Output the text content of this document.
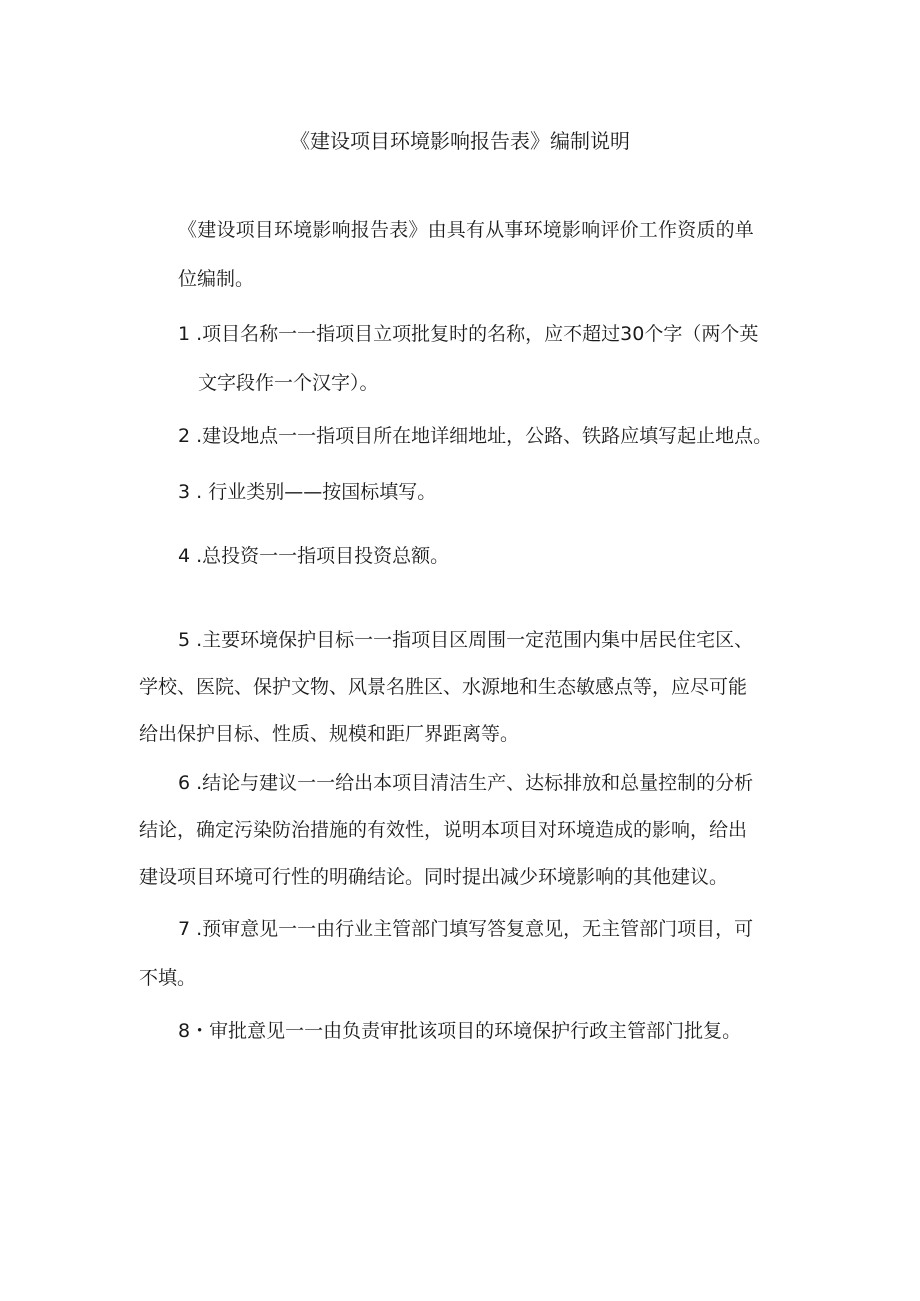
《建设项目环境影响报告表》编制说明
《建设项目环境影响报告表》由具有从事环境影响评价工作资质的单
位编制。
1 .项目名称一一指项目立项批复时的名称，应不超过30个字（两个英
文字段作一个汉字）。
2 .建设地点一一指项目所在地详细地址，公路、铁路应填写起止地点。
3 . 行业类别——按国标填写。
4 .总投资一一指项目投资总额。
5 .主要环境保护目标一一指项目区周围一定范围内集中居民住宅区、
学校、医院、保护文物、风景名胜区、水源地和生态敏感点等，应尽可能
给出保护目标、性质、规模和距厂界距离等。
6 .结论与建议一一给出本项目清洁生产、达标排放和总量控制的分析
结论，确定污染防治措施的有效性，说明本项目对环境造成的影响，给出
建设项目环境可行性的明确结论。同时提出减少环境影响的其他建议。
7 .预审意见一一由行业主管部门填写答复意见，无主管部门项目，可
不填。
8・审批意见一一由负责审批该项目的环境保护行政主管部门批复。
